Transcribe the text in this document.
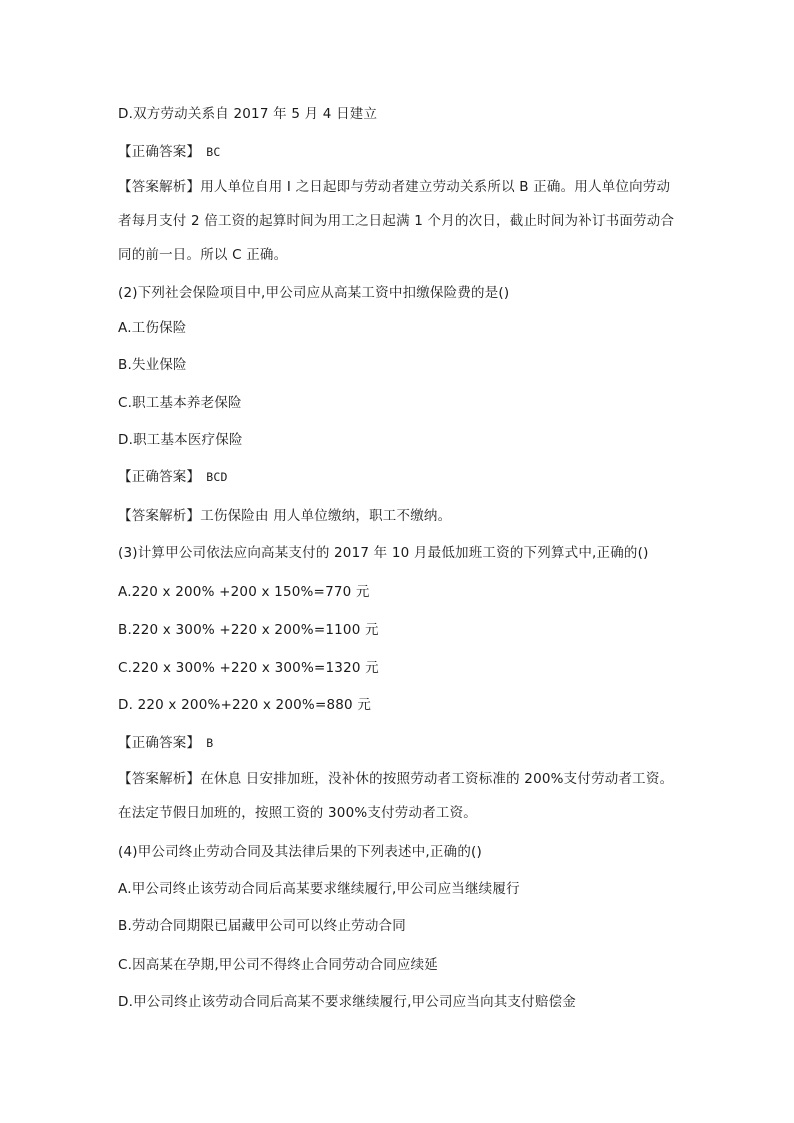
D.双方劳动关系自 2017 年 5 月 4 日建立
【正确答案】 BC
【答案解析】用人单位自用 I 之日起即与劳动者建立劳动关系所以 B 正确。用人单位向劳动者每月支付 2 倍工资的起算时间为用工之日起满 1 个月的次日，截止时间为补订书面劳动合同的前一日。所以 C 正确。
(2)下列社会保险项目中,甲公司应从高某工资中扣缴保险费的是()
A.工伤保险
B.失业保险
C.职工基本养老保险
D.职工基本医疗保险
【正确答案】 BCD
【答案解析】工伤保险由 用人单位缴纳，职工不缴纳。
(3)计算甲公司依法应向高某支付的 2017 年 10 月最低加班工资的下列算式中,正确的()
A.220 x 200% +200 x 150%=770 元
B.220 x 300% +220 x 200%=1100 元
C.220 x 300% +220 x 300%=1320 元
D. 220 x 200%+220 x 200%=880 元
【正确答案】 B
【答案解析】在休息 日安排加班，没补休的按照劳动者工资标准的 200%支付劳动者工资。在法定节假日加班的，按照工资的 300%支付劳动者工资。
(4)甲公司终止劳动合同及其法律后果的下列表述中,正确的()
A.甲公司终止该劳动合同后高某要求继续履行,甲公司应当继续履行
B.劳动合同期限已届藏甲公司可以终止劳动合同
C.因高某在孕期,甲公司不得终止合同劳动合同应续延
D.甲公司终止该劳动合同后高某不要求继续履行,甲公司应当向其支付赔偿金
